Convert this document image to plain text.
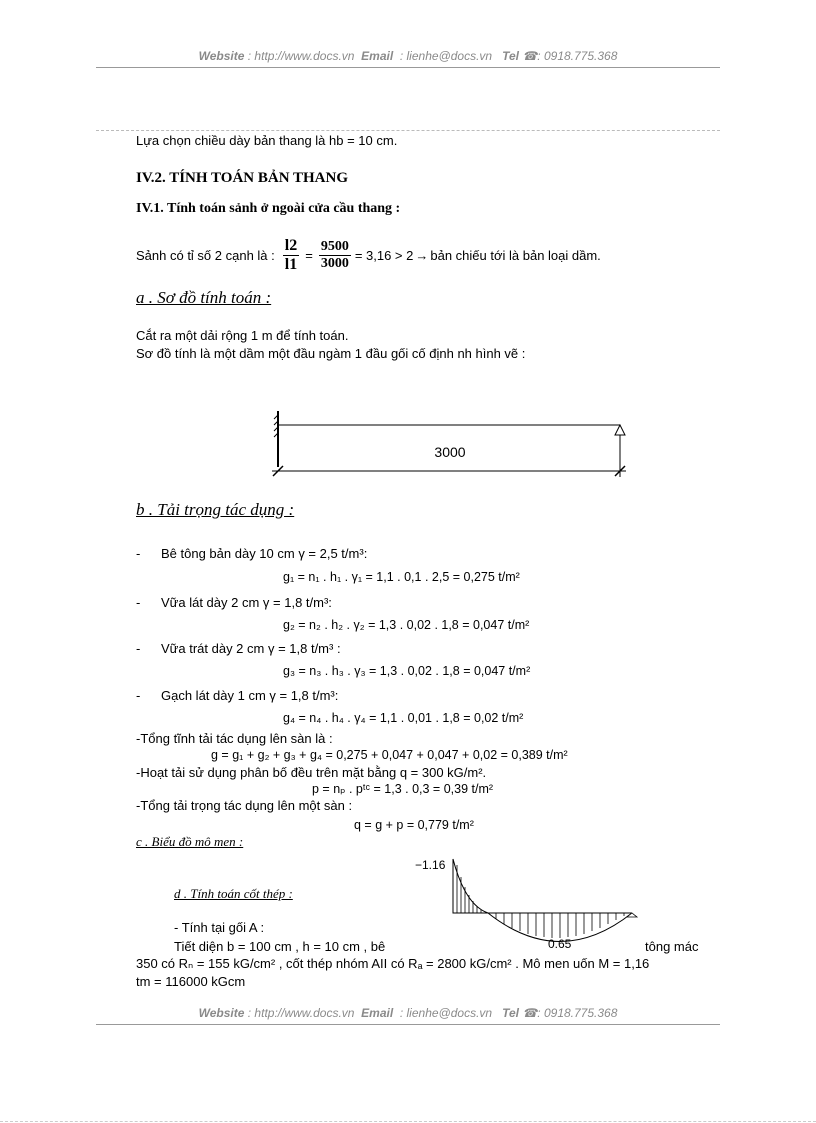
Website : http://www.docs.vn Email : lienhe@docs.vn Tel ☎: 0918.775.368
Lựa chọn chiều dày bản thang là hb = 10 cm.
IV.2. TÍNH TOÁN BẢN THANG
IV.1. Tính toán sảnh ở ngoài cửa cầu thang :
Sảnh có tỉ số 2 cạnh là : $\frac{l2}{l1} = \frac{9500}{3000} = 3,16 > 2$ → bản chiếu tới là bản loại dầm.
a . Sơ đồ tính toán :
Cắt ra một dải rộng 1 m để tính toán.
Sơ đồ tính là một dầm một đầu ngàm 1 đầu gối cố định nh hình vẽ :
3000
b . Tải trọng tác dụng :
- Bê tông bản dày 10 cm γ = 2,5 t/m³:
g₁ = n₁ . h₁ . γ₁ = 1,1 . 0,1 . 2,5 = 0,275 t/m²
- Vữa lát dày 2 cm γ = 1,8 t/m³:
g₂ = n₂ . h₂ . γ₂ = 1,3 . 0,02 . 1,8 = 0,047 t/m²
- Vữa trát dày 2 cm γ = 1,8 t/m³ :
g₃ = n₃ . h₃ . γ₃ = 1,3 . 0,02 . 1,8 = 0,047 t/m²
- Gạch lát dày 1 cm γ = 1,8 t/m³:
g₄ = n₄ . h₄ . γ₄ = 1,1 . 0,01 . 1,8 = 0,02 t/m²
-Tổng tĩnh tải tác dụng lên sàn là :
g = g₁ + g₂ + g₃ + g₄ = 0,275 + 0,047 + 0,047 + 0,02 = 0,389 t/m²
-Hoạt tải sử dụng phân bố đều trên mặt bằng q = 300 kG/m².
p = nₚ . pᵗᶜ = 1,3 . 0,3 = 0,39 t/m²
-Tổng tải trọng tác dụng lên một sàn :
q = g + p = 0,779 t/m²
c . Biểu đồ mô men :
−1.16
0.65
d . Tính toán cốt thép :
- Tính tại gối A :
Tiết diện b = 100 cm , h = 10 cm , bê	tông mác
350 có Rₙ = 155 kG/cm² , cốt thép nhóm AII có Rₐ = 2800 kG/cm² . Mô men uốn M = 1,16
tm = 116000 kGcm
Website : http://www.docs.vn Email : lienhe@docs.vn Tel ☎: 0918.775.368
